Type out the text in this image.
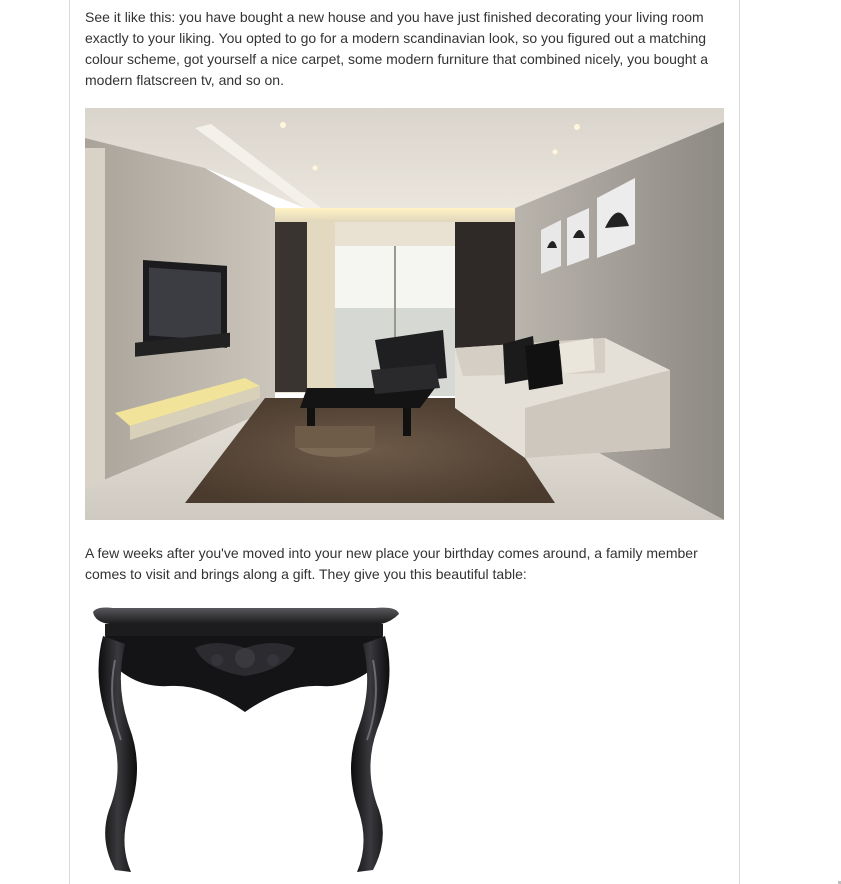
See it like this: you have bought a new house and you have just finished decorating your living room exactly to your liking. You opted to go for a modern scandinavian look, so you figured out a matching colour scheme, got yourself a nice carpet, some modern furniture that combined nicely, you bought a modern flatscreen tv, and so on.

A few weeks after you've moved into your new place your birthday comes around, a family member comes to visit and brings along a gift. They give you this beautiful table:
